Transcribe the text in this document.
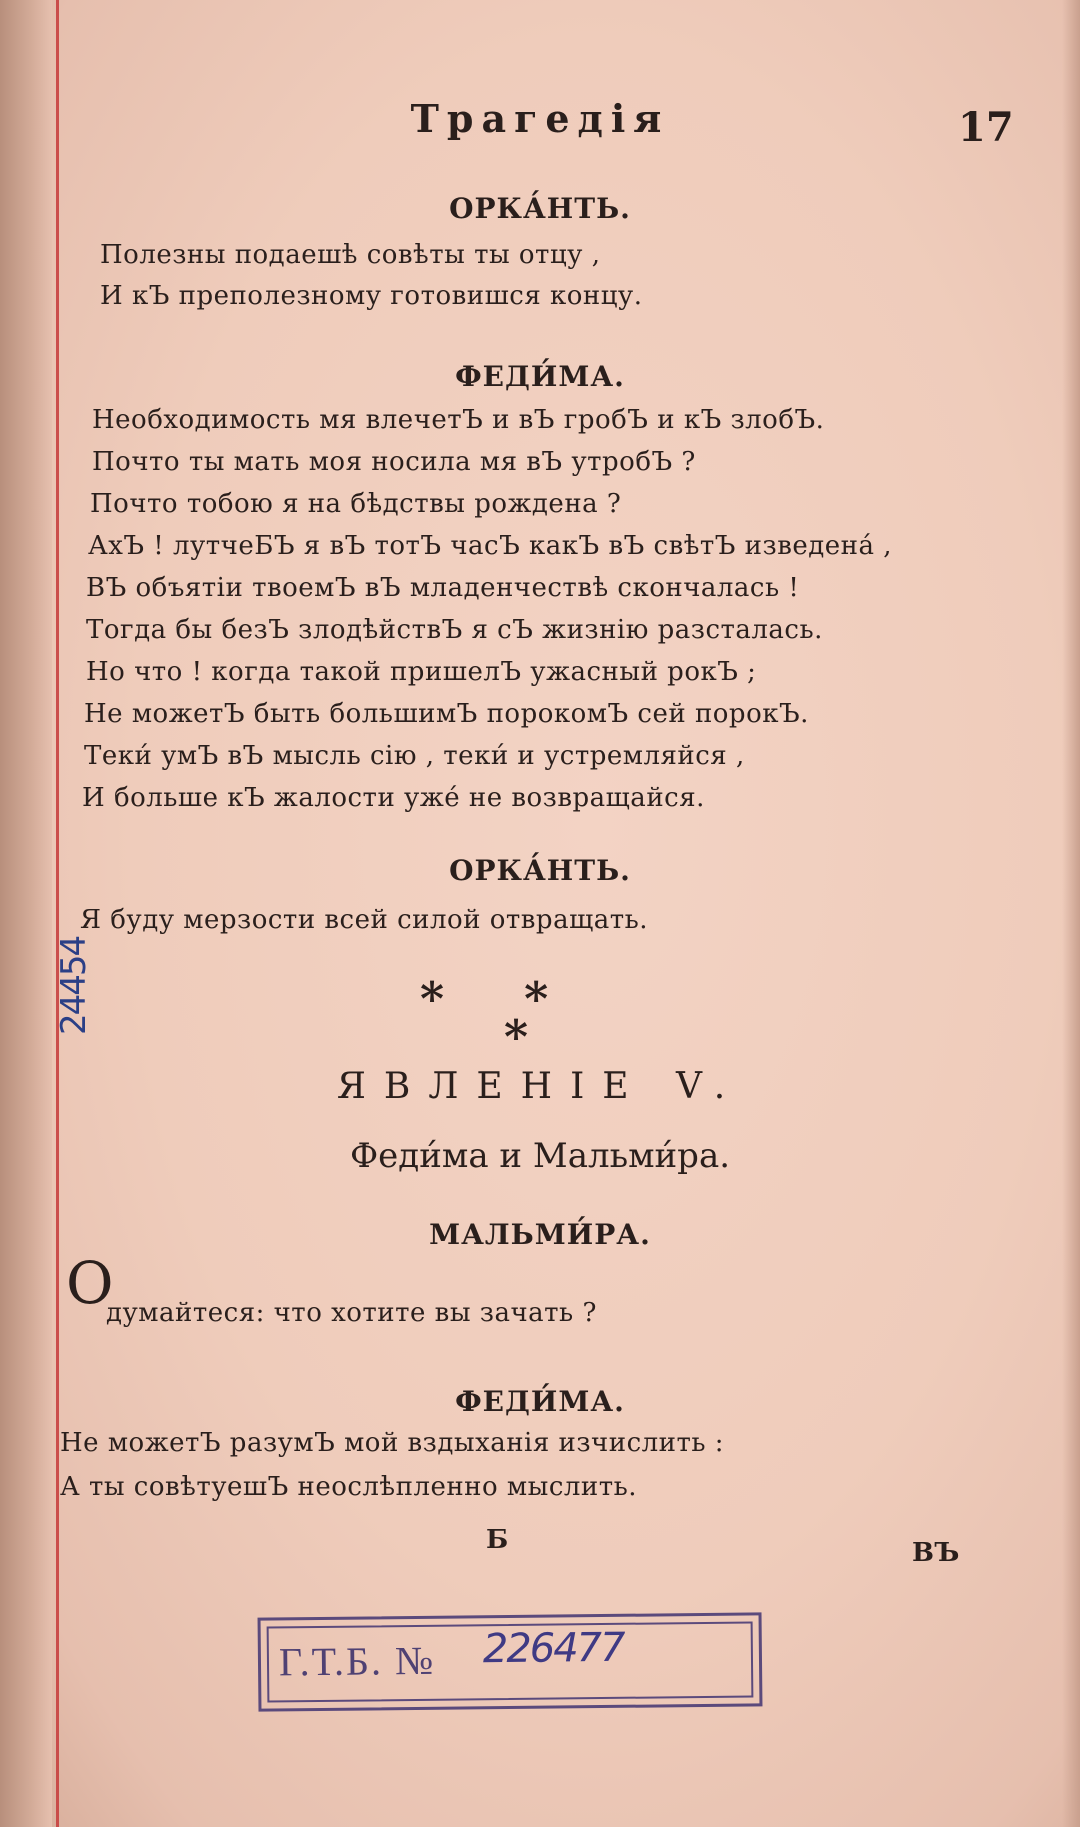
Трагедія	17
ОРКА́НТЬ.
Полезны подаешѣ совѣты ты отцу ,
И кЪ преполезному готовишся концу.
ФЕДИ́МА.
Необходимость мя влечетЪ и вЪ гробЪ и кЪ злобЪ.
Почто ты мать моя носила мя вЪ утробЪ ?
Почто тобою я на бѣдствы рождена ?
АхЪ ! лутчеБЪ я вЪ тотЪ часЪ какЪ вЪ свѣтЪ изведена́ ,
ВЪ объятіи твоемЪ вЪ младенчествѣ скончалась !
Тогда бы безЪ злодѣйствЪ я сЪ жизнію разсталась.
Но что ! когда такой пришелЪ ужасный рокЪ ;
Не можетЪ быть большимЪ порокомЪ сей порокЪ.
Теки́ умЪ вЪ мысль сію , теки́ и устремляйся ,
И больше кЪ жалости уже́ не возвращайся.
ОРКА́НТЬ.
Я буду мерзости всей силой отвращать.
*     *
*
ЯВЛЕНІЕ V.
Феди́ма и Мальми́ра.
МАЛЬМИ́РА.
О
думайтеся: что хотите вы зачать ?
ФЕДИ́МА.
Не можетЪ разумЪ мой вздыханія изчислить :
А ты совѣтуешЪ неослѣпленно мыслить.
Б	ВЪ
Г.Т.Б. № 226477
24454
